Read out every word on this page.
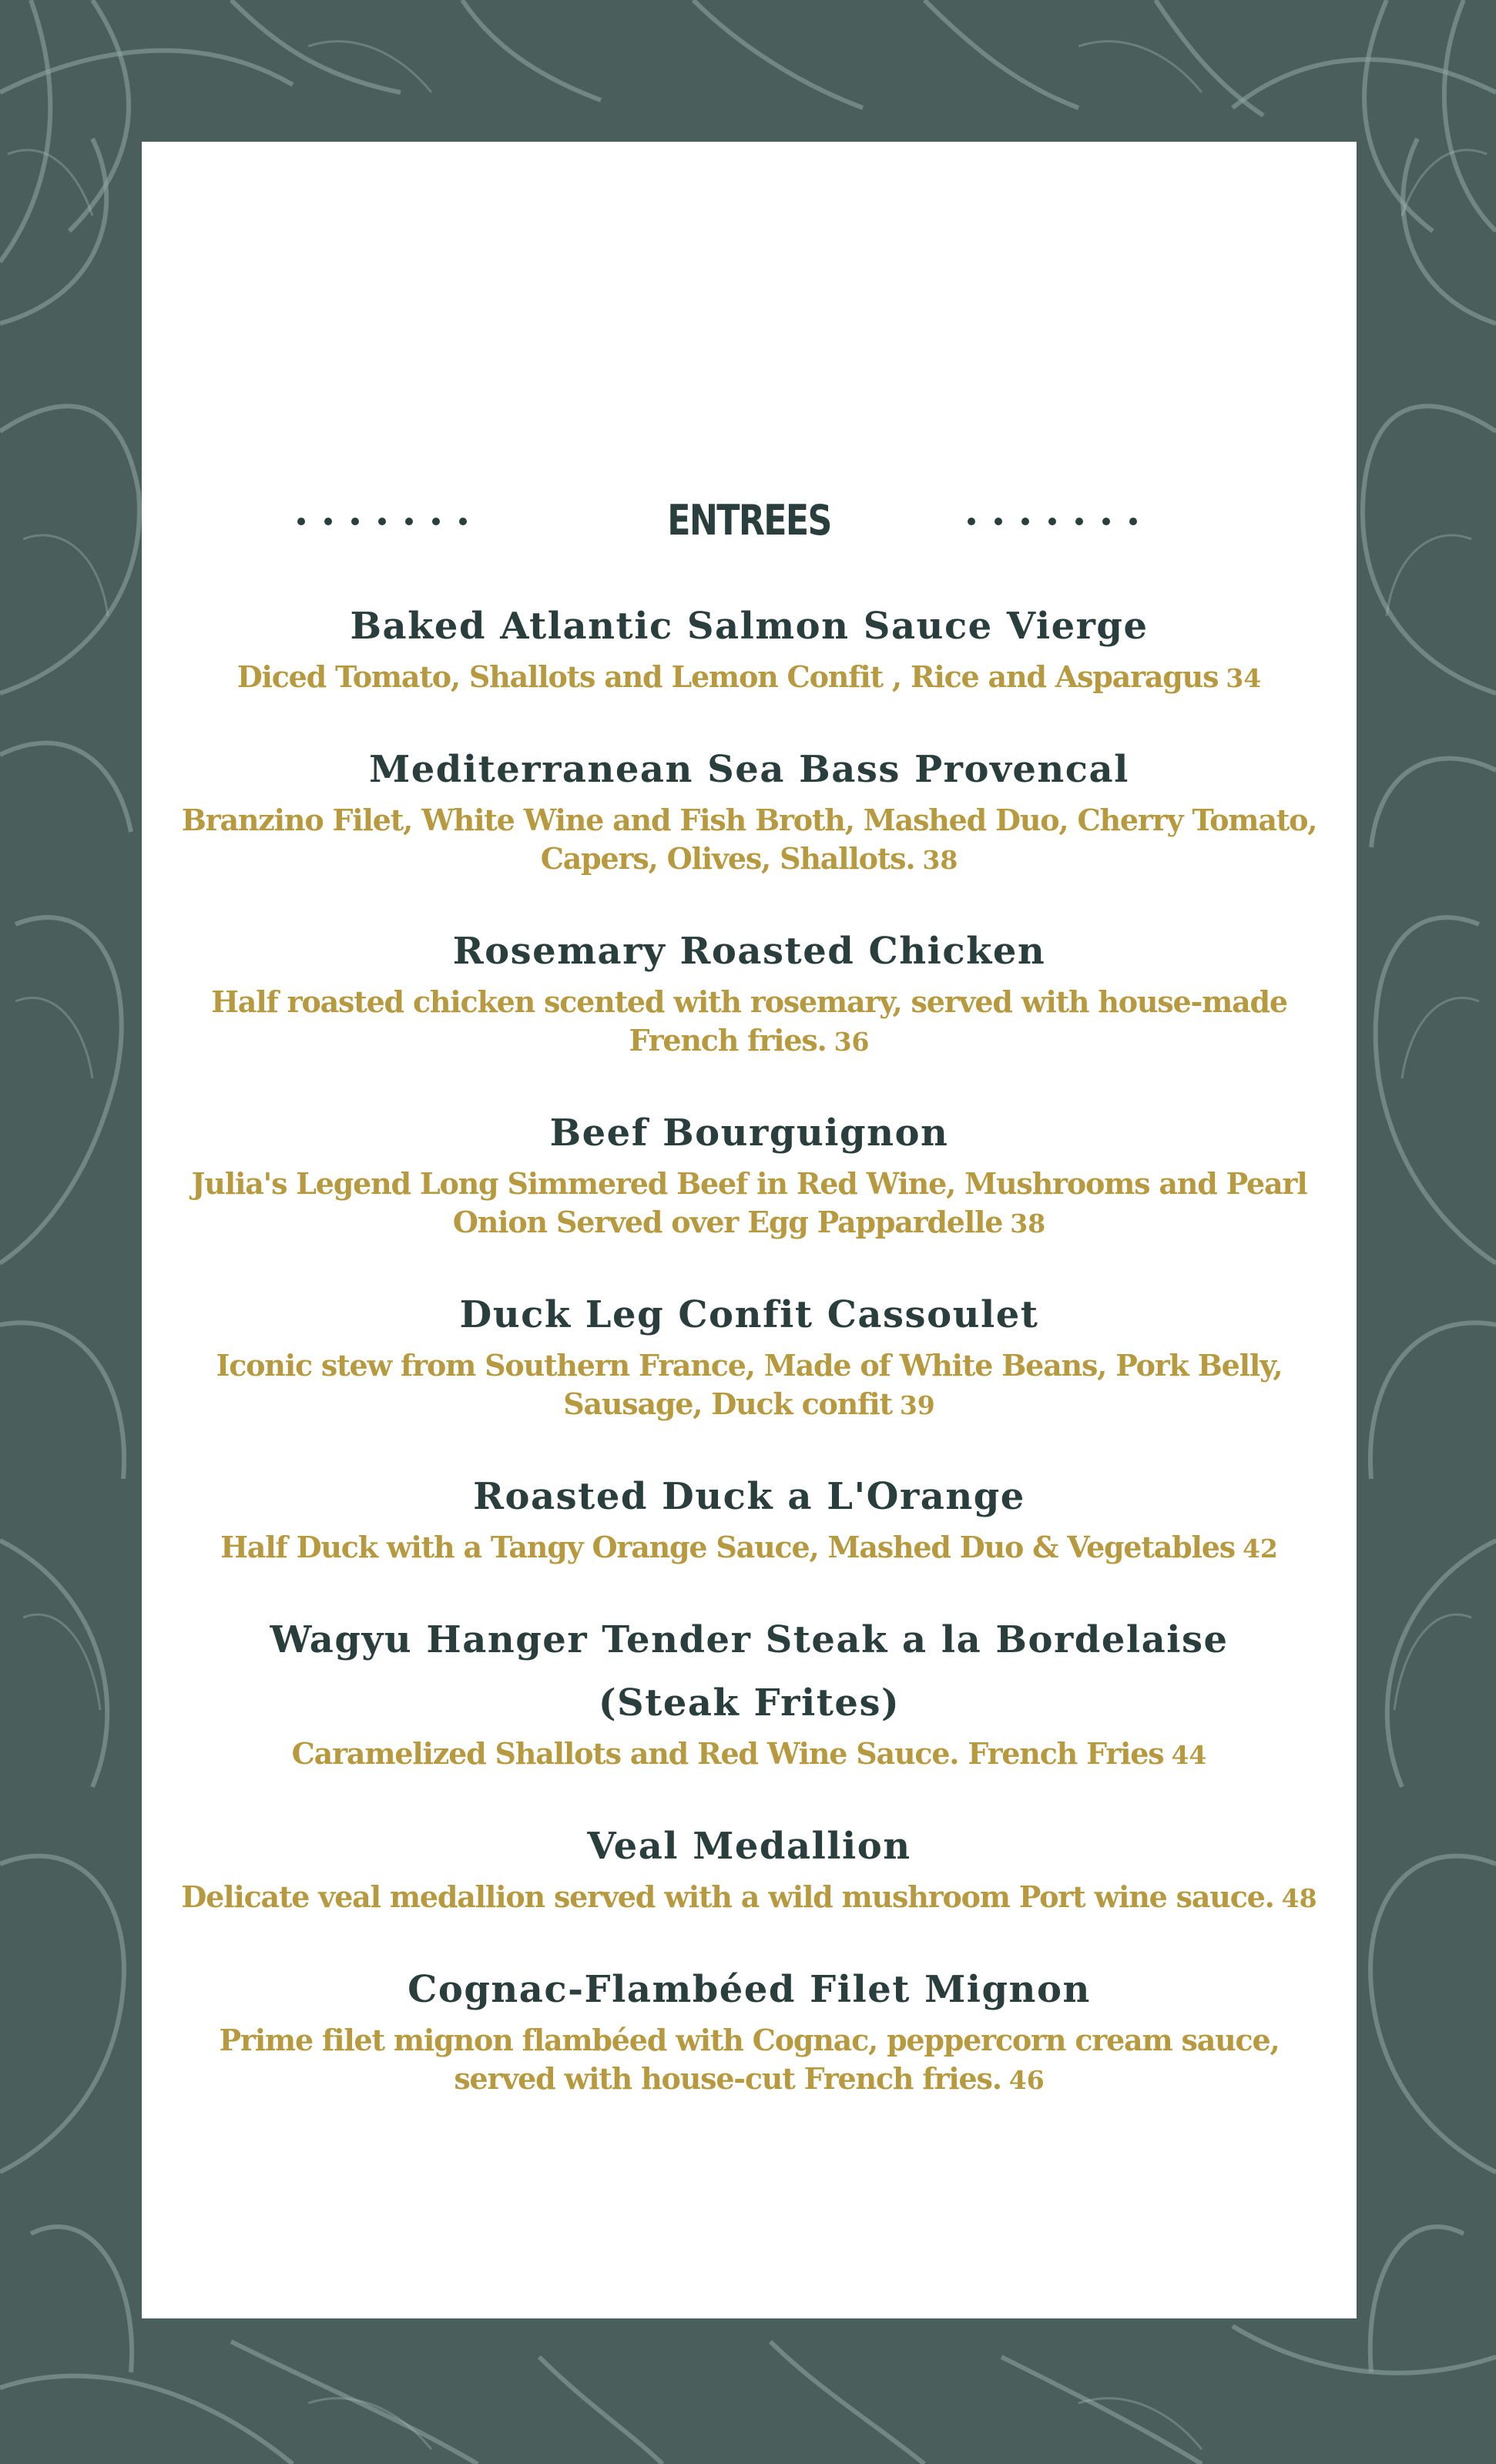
ENTREES
Baked Atlantic Salmon Sauce Vierge
Diced Tomato, Shallots and Lemon Confit , Rice and Asparagus 34
Mediterranean Sea Bass Provencal
Branzino Filet, White Wine and Fish Broth, Mashed Duo, Cherry Tomato, Capers, Olives, Shallots. 38
Rosemary Roasted Chicken
Half roasted chicken scented with rosemary, served with house-made French fries. 36
Beef Bourguignon
Julia's Legend Long Simmered Beef in Red Wine, Mushrooms and Pearl Onion Served over Egg Pappardelle 38
Duck Leg Confit Cassoulet
Iconic stew from Southern France, Made of White Beans, Pork Belly, Sausage, Duck confit 39
Roasted Duck a L'Orange
Half Duck with a Tangy Orange Sauce, Mashed Duo & Vegetables 42
Wagyu Hanger Tender Steak a la Bordelaise (Steak Frites)
Caramelized Shallots and Red Wine Sauce. French Fries 44
Veal Medallion
Delicate veal medallion served with a wild mushroom Port wine sauce. 48
Cognac-Flambéed Filet Mignon
Prime filet mignon flambéed with Cognac, peppercorn cream sauce, served with house-cut French fries. 46
